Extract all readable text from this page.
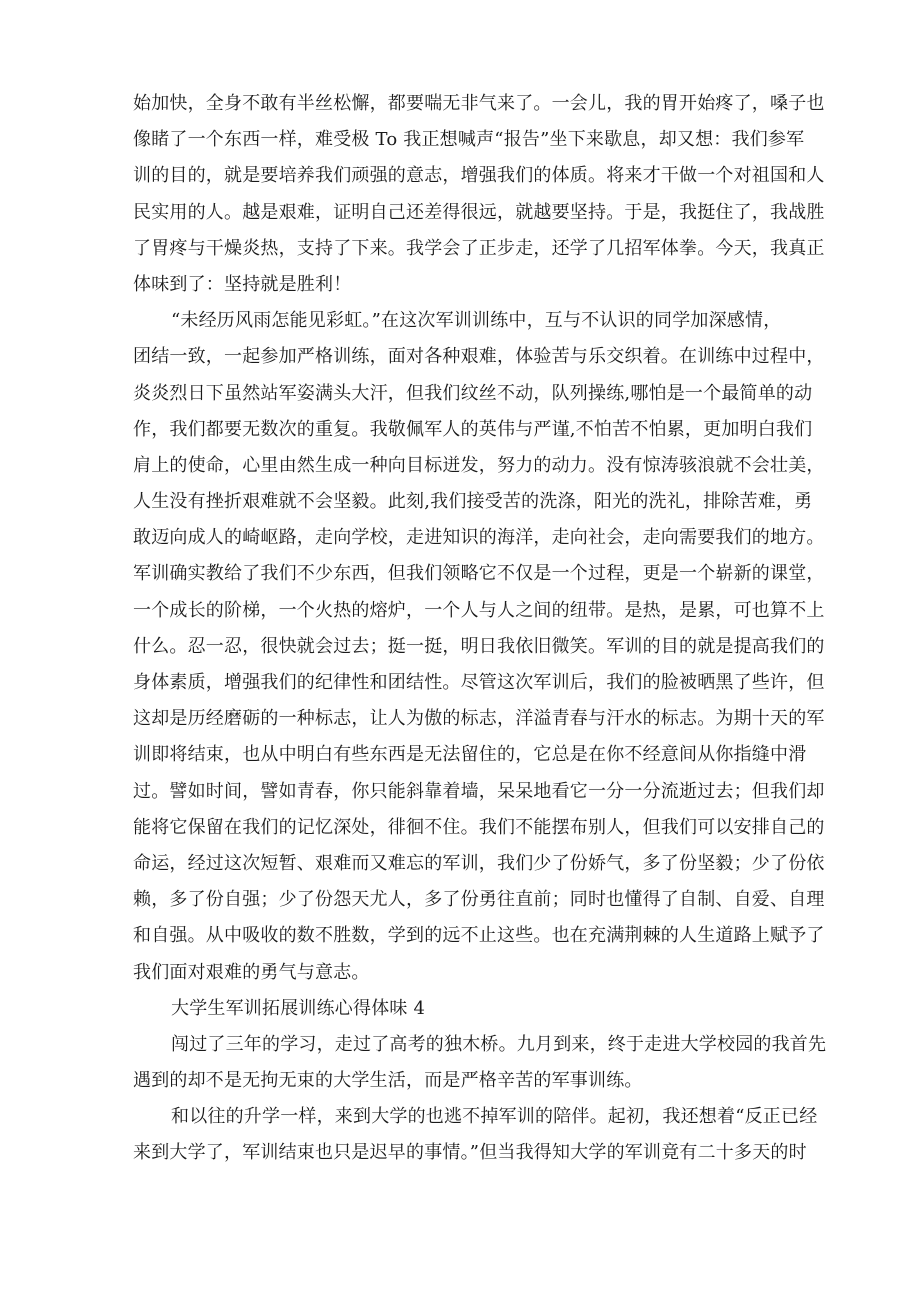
始加快，全身不敢有半丝松懈，都要喘无非气来了。一会儿，我的胃开始疼了，嗓子也
像睹了一个东西一样，难受极 To 我正想喊声“报告”坐下来歇息，却又想：我们参军
训的目的，就是要培养我们顽强的意志，增强我们的体质。将来才干做一个对祖国和人
民实用的人。越是艰难，证明自己还差得很远，就越要坚持。于是，我挺住了，我战胜
了胃疼与干燥炎热，支持了下来。我学会了正步走，还学了几招军体拳。今天，我真正
体味到了：坚持就是胜利！
“未经历风雨怎能见彩虹。”在这次军训训练中，互与不认识的同学加深感情，
团结一致，一起参加严格训练，面对各种艰难，体验苦与乐交织着。在训练中过程中，
炎炎烈日下虽然站军姿满头大汗，但我们纹丝不动，队列操练,哪怕是一个最简单的动
作，我们都要无数次的重复。我敬佩军人的英伟与严谨,不怕苦不怕累，更加明白我们
肩上的使命，心里由然生成一种向目标迸发，努力的动力。没有惊涛骇浪就不会壮美，
人生没有挫折艰难就不会坚毅。此刻,我们接受苦的洗涤，阳光的洗礼，排除苦难，勇
敢迈向成人的崎岖路，走向学校，走进知识的海洋，走向社会，走向需要我们的地方。
军训确实教给了我们不少东西，但我们领略它不仅是一个过程，更是一个崭新的课堂，
一个成长的阶梯，一个火热的熔炉，一个人与人之间的纽带。是热，是累，可也算不上
什么。忍一忍，很快就会过去；挺一挺，明日我依旧微笑。军训的目的就是提高我们的
身体素质，增强我们的纪律性和团结性。尽管这次军训后，我们的脸被晒黑了些许，但
这却是历经磨砺的一种标志，让人为傲的标志，洋溢青春与汗水的标志。为期十天的军
训即将结束，也从中明白有些东西是无法留住的，它总是在你不经意间从你指缝中滑
过。譬如时间，譬如青春，你只能斜靠着墙，呆呆地看它一分一分流逝过去；但我们却
能将它保留在我们的记忆深处，徘徊不住。我们不能摆布别人，但我们可以安排自己的
命运，经过这次短暂、艰难而又难忘的军训，我们少了份娇气，多了份坚毅；少了份依
赖，多了份自强；少了份怨天尤人，多了份勇往直前；同时也懂得了自制、自爱、自理
和自强。从中吸收的数不胜数，学到的远不止这些。也在充满荆棘的人生道路上赋予了
我们面对艰难的勇气与意志。
大学生军训拓展训练心得体味 4
闯过了三年的学习，走过了高考的独木桥。九月到来，终于走进大学校园的我首先
遇到的却不是无拘无束的大学生活，而是严格辛苦的军事训练。
和以往的升学一样，来到大学的也逃不掉军训的陪伴。起初，我还想着“反正已经
来到大学了，军训结束也只是迟早的事情。”但当我得知大学的军训竟有二十多天的时
